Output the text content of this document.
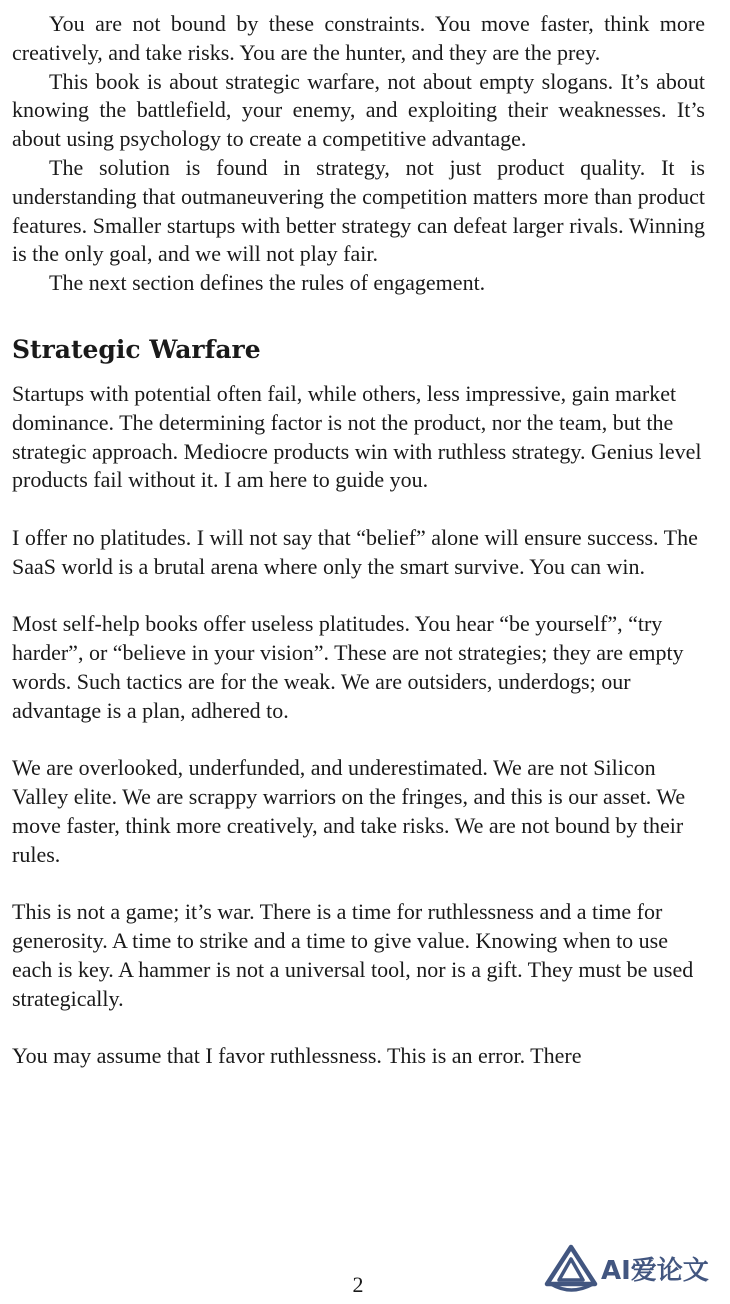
You are not bound by these constraints. You move faster, think more creatively, and take risks. You are the hunter, and they are the prey.

This book is about strategic warfare, not about empty slogans. It’s about knowing the battlefield, your enemy, and exploiting their weaknesses. It’s about using psychology to create a competitive advantage.

The solution is found in strategy, not just product quality. It is understanding that outmaneuvering the competition matters more than product features. Smaller startups with better strategy can defeat larger rivals. Winning is the only goal, and we will not play fair.

The next section defines the rules of engagement.

Strategic Warfare

Startups with potential often fail, while others, less impressive, gain market dominance. The determining factor is not the product, nor the team, but the strategic approach. Mediocre products win with ruthless strategy. Genius level products fail without it. I am here to guide you.

I offer no platitudes. I will not say that “belief” alone will ensure success. The SaaS world is a brutal arena where only the smart survive. You can win.

Most self-help books offer useless platitudes. You hear “be yourself”, “try harder”, or “believe in your vision”. These are not strategies; they are empty words. Such tactics are for the weak. We are outsiders, underdogs; our advantage is a plan, adhered to.

We are overlooked, underfunded, and underestimated. We are not Silicon Valley elite. We are scrappy warriors on the fringes, and this is our asset. We move faster, think more creatively, and take risks. We are not bound by their rules.

This is not a game; it’s war. There is a time for ruthlessness and a time for generosity. A time to strike and a time to give value. Knowing when to use each is key. A hammer is not a universal tool, nor is a gift. They must be used strategically.

You may assume that I favor ruthlessness. This is an error. There

2	AI爱论文
